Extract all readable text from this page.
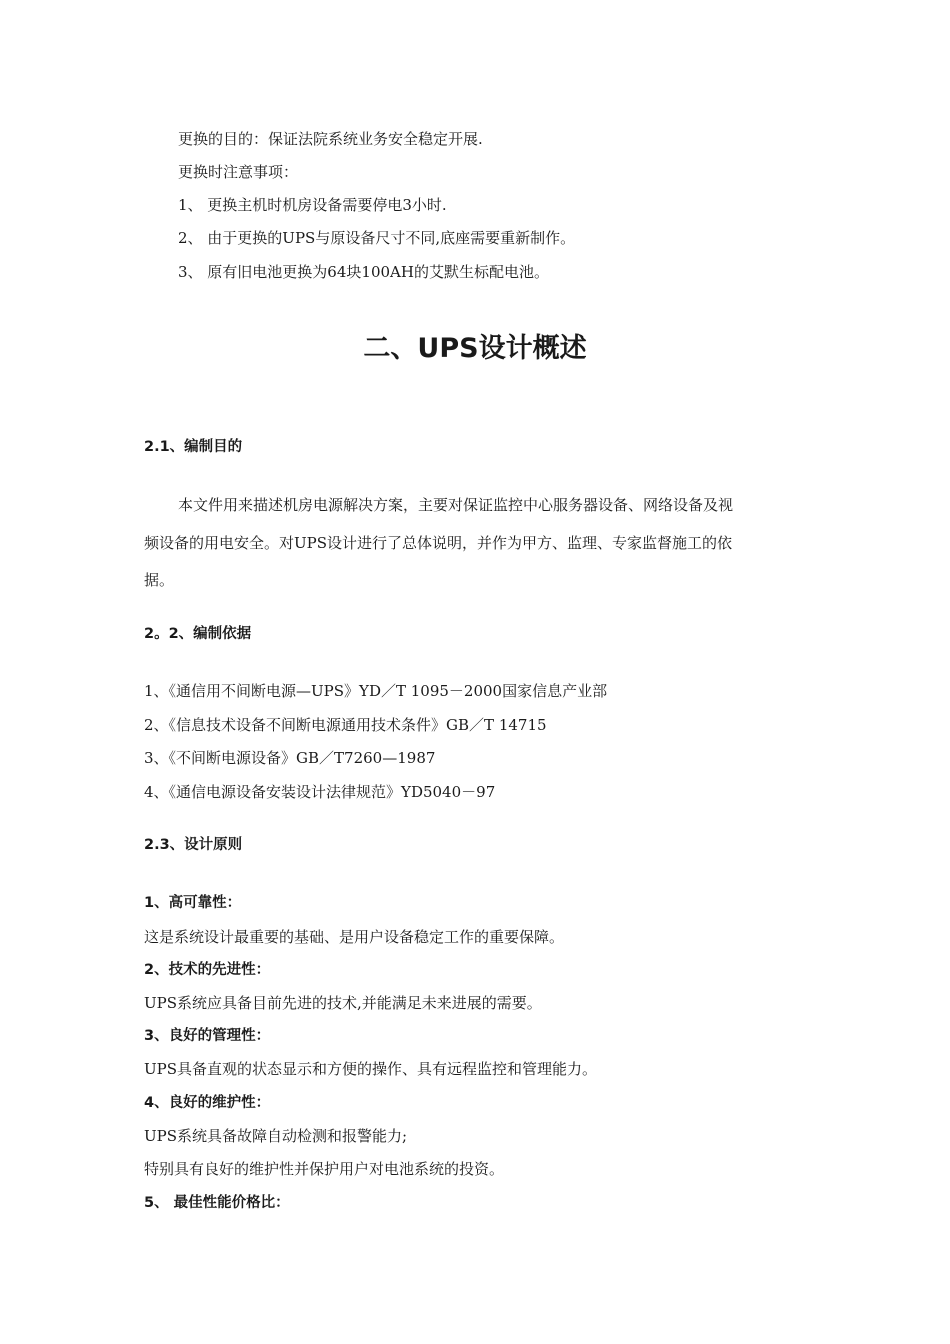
更换的目的：保证法院系统业务安全稳定开展.
更换时注意事项：
1、 更换主机时机房设备需要停电3小时.
2、 由于更换的UPS与原设备尺寸不同,底座需要重新制作。
3、 原有旧电池更换为64块100AH的艾默生标配电池。
二、UPS设计概述
2.1、编制目的
本文件用来描述机房电源解决方案，主要对保证监控中心服务器设备、网络设备及视
频设备的用电安全。对UPS设计进行了总体说明，并作为甲方、监理、专家监督施工的依
据。
2。2、编制依据
1、《通信用不间断电源—UPS》YD／T 1095－2000国家信息产业部
2、《信息技术设备不间断电源通用技术条件》GB／T 14715
3、《不间断电源设备》GB／T7260—1987
4、《通信电源设备安装设计法律规范》YD5040－97
2.3、设计原则
1、高可靠性：
这是系统设计最重要的基础、是用户设备稳定工作的重要保障。
2、技术的先进性：
UPS系统应具备目前先进的技术,并能满足未来进展的需要。
3、良好的管理性：
UPS具备直观的状态显示和方便的操作、具有远程监控和管理能力。
4、良好的维护性：
UPS系统具备故障自动检测和报警能力;
特别具有良好的维护性并保护用户对电池系统的投资。
5、 最佳性能价格比：
